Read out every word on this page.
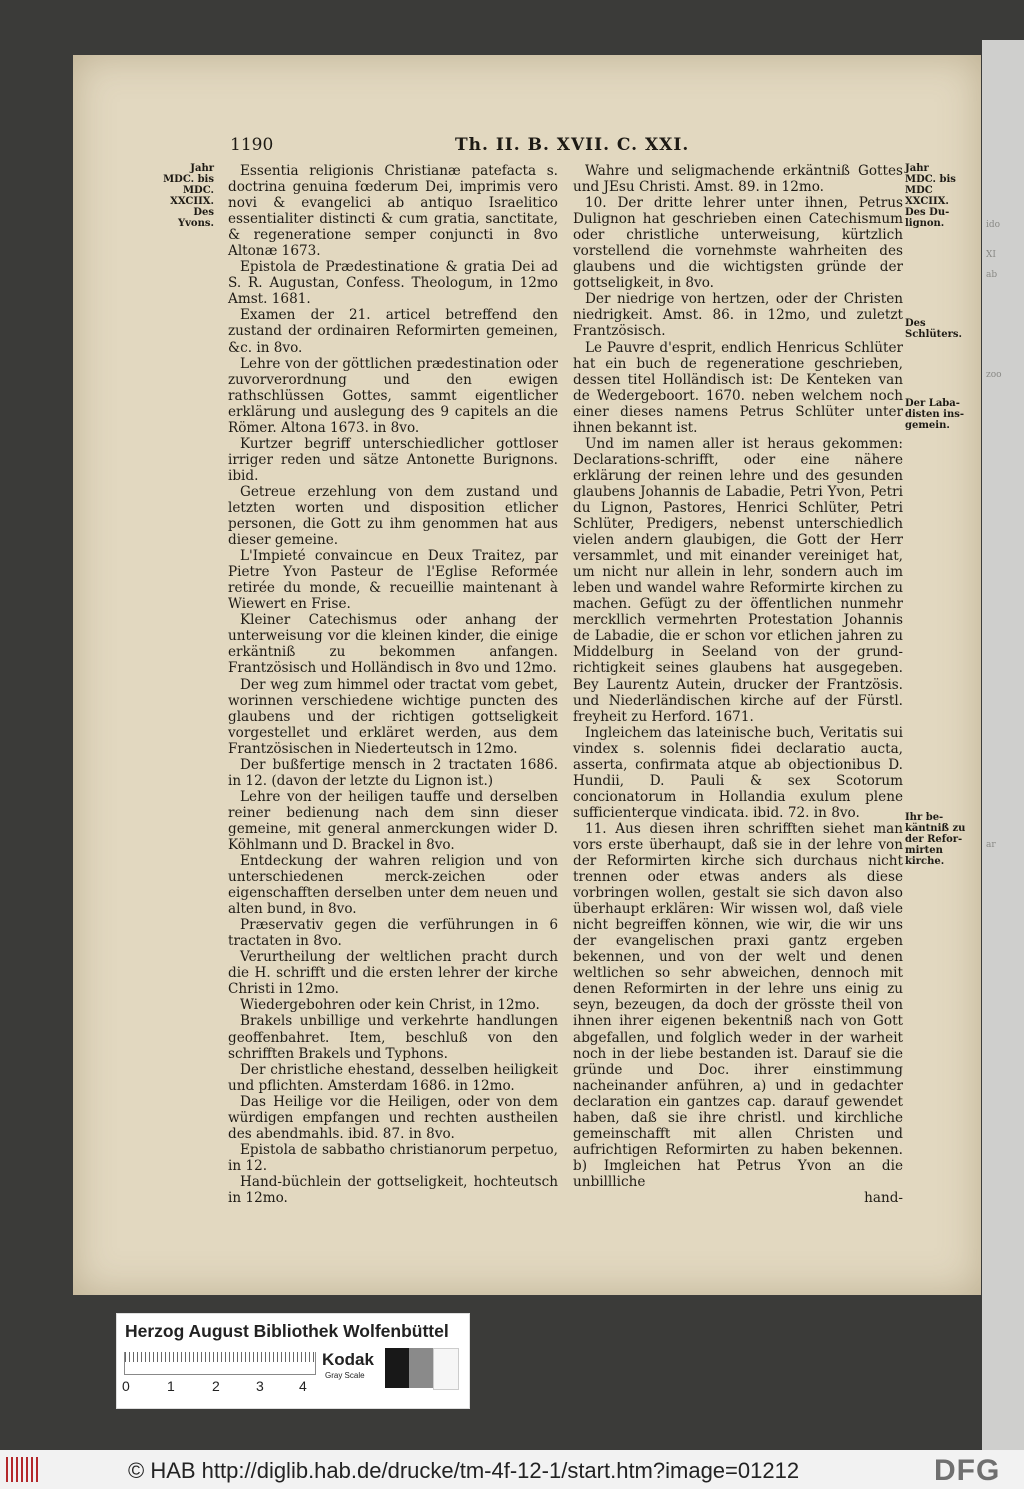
ido
XI
ab
zoo
ar
1190	Th. II. B. XVII. C. XXI.
Jahr
MDC. bis
MDC.
XXCIIX.
Des
Yvons.
Jahr
MDC. bis
MDC
XXCIIX.
Des Du-
lignon.
Des
Schlüters.
Der Laba-
disten ins-
gemein.
Ihr be-
käntniß zu
der Refor-
mirten
kirche.

Essentia religionis Christianæ patefacta s. doctrina genuina fœderum Dei, imprimis vero novi & evangelici ab antiquo Israelitico essentialiter distincti & cum gratia, sanctitate, & regeneratione semper conjuncti in 8vo Altonæ 1673.

Epistola de Prædestinatione & gratia Dei ad S. R. Augustan, Confess. Theologum, in 12mo Amst. 1681.

Examen der 21. articel betreffend den zustand der ordinairen Reformirten gemeinen, &c. in 8vo.

Lehre von der göttlichen prædestination oder zuvorverordnung und den ewigen rathschlüssen Gottes, sammt eigentlicher erklärung und auslegung des 9 capitels an die Römer. Altona 1673. in 8vo.

Kurtzer begriff unterschiedlicher gottloser irriger reden und sätze Antonette Burignons. ibid.

Getreue erzehlung von dem zustand und letzten worten und disposition etlicher personen, die Gott zu ihm genommen hat aus dieser gemeine.

L'Impieté convaincue en Deux Traitez, par Pietre Yvon Pasteur de l'Eglise Reformée retirée du monde, & recueillie maintenant à Wiewert en Frise.

Kleiner Catechismus oder anhang der unterweisung vor die kleinen kinder, die einige erkäntniß zu bekommen anfangen. Frantzösisch und Holländisch in 8vo und 12mo.

Der weg zum himmel oder tractat vom gebet, worinnen verschiedene wichtige puncten des glaubens und der richtigen gottseligkeit vorgestellet und erkläret werden, aus dem Frantzösischen in Niederteutsch in 12mo.

Der bußfertige mensch in 2 tractaten 1686. in 12. (davon der letzte du Lignon ist.)

Lehre von der heiligen tauffe und derselben reiner bedienung nach dem sinn dieser gemeine, mit general anmerckungen wider D. Köhlmann und D. Brackel in 8vo.

Entdeckung der wahren religion und von unterschiedenen merck-zeichen oder eigenschafften derselben unter dem neuen und alten bund, in 8vo.

Præservativ gegen die verführungen in 6 tractaten in 8vo.

Verurtheilung der weltlichen pracht durch die H. schrifft und die ersten lehrer der kirche Christi in 12mo.

Wiedergebohren oder kein Christ, in 12mo.

Brakels unbillige und verkehrte handlungen geoffenbahret. Item, beschluß von den schrifften Brakels und Typhons.

Der christliche ehestand, desselben heiligkeit und pflichten. Amsterdam 1686. in 12mo.

Das Heilige vor die Heiligen, oder von dem würdigen empfangen und rechten austheilen des abendmahls. ibid. 87. in 8vo.

Epistola de sabbatho christianorum perpetuo, in 12.

Hand-büchlein der gottseligkeit, hochteutsch in 12mo.

Wahre und seligmachende erkäntniß Gottes und JEsu Christi. Amst. 89. in 12mo.

10. Der dritte lehrer unter ihnen, Petrus Dulignon hat geschrieben einen Catechismum oder christliche unterweisung, kürtzlich vorstellend die vornehmste wahrheiten des glaubens und die wichtigsten gründe der gottseligkeit, in 8vo.

Der niedrige von hertzen, oder der Christen niedrigkeit. Amst. 86. in 12mo, und zuletzt Frantzösisch.

Le Pauvre d'esprit, endlich Henricus Schlüter hat ein buch de regeneratione geschrieben, dessen titel Holländisch ist: De Kenteken van de Wedergeboort. 1670. neben welchem noch einer dieses namens Petrus Schlüter unter ihnen bekannt ist.

Und im namen aller ist heraus gekommen: Declarations-schrifft, oder eine nähere erklärung der reinen lehre und des gesunden glaubens Johannis de Labadie, Petri Yvon, Petri du Lignon, Pastores, Henrici Schlüter, Petri Schlüter, Predigers, nebenst unterschiedlich vielen andern glaubigen, die Gott der Herr versammlet, und mit einander vereiniget hat, um nicht nur allein in lehr, sondern auch im leben und wandel wahre Reformirte kirchen zu machen. Gefügt zu der öffentlichen nunmehr merckllich vermehrten Protestation Johannis de Labadie, die er schon vor etlichen jahren zu Middelburg in Seeland von der grund-richtigkeit seines glaubens hat ausgegeben. Bey Laurentz Autein, drucker der Frantzösis. und Niederländischen kirche auf der Fürstl. freyheit zu Herford. 1671.

Ingleichem das lateinische buch, Veritatis sui vindex s. solennis fidei declaratio aucta, asserta, confirmata atque ab objectionibus D. Hundii, D. Pauli & sex Scotorum concionatorum in Hollandia exulum plene sufficienterque vindicata. ibid. 72. in 8vo.

11. Aus diesen ihren schrifften siehet man vors erste überhaupt, daß sie in der lehre von der Reformirten kirche sich durchaus nicht trennen oder etwas anders als diese vorbringen wollen, gestalt sie sich davon also überhaupt erklären: Wir wissen wol, daß viele nicht begreiffen können, wie wir, die wir uns der evangelischen praxi gantz ergeben bekennen, und von der welt und denen weltlichen so sehr abweichen, dennoch mit denen Reformirten in der lehre uns einig zu seyn, bezeugen, da doch der grösste theil von ihnen ihrer eigenen bekentniß nach von Gott abgefallen, und folglich weder in der warheit noch in der liebe bestanden ist. Darauf sie die gründe und Doc. ihrer einstimmung nacheinander anführen, a) und in gedachter declaration ein gantzes cap. darauf gewendet haben, daß sie ihre christl. und kirchliche gemeinschafft mit allen Christen und aufrichtigen Reformirten zu haben bekennen. b) Imgleichen hat Petrus Yvon an die unbillliche

hand-

Herzog August Bibliothek Wolfenbüttel
0	1	2	3	4
Kodak
Gray Scale
© HAB http://diglib.hab.de/drucke/tm-4f-12-1/start.htm?image=01212	DFG
